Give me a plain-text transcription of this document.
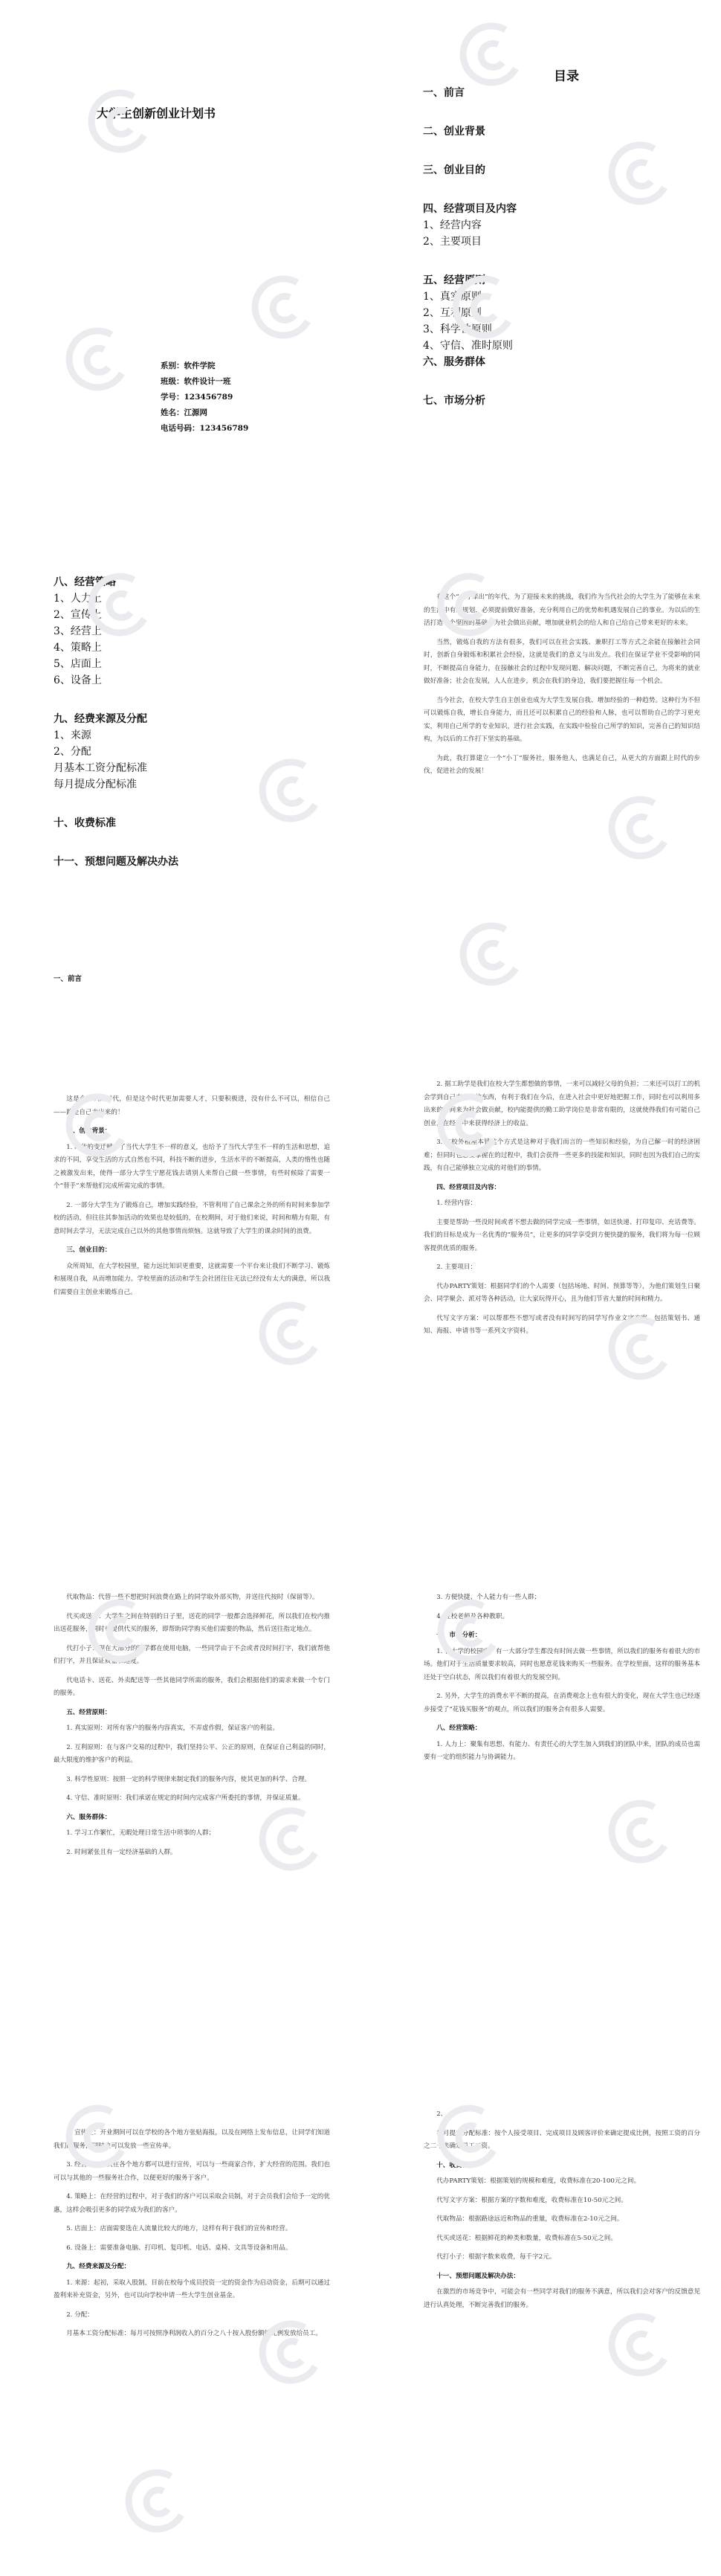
大学生创新创业计划书
系别：软件学院
班级：软件设计一班
学号：123456789
姓名：江源网
电话号码：123456789
目录
一、前言
二、创业背景
三、创业目的
四、经营项目及内容
1、经营内容
2、主要项目
五、经营原则
1、真实原则
2、互利原则
3、科学性原则
4、守信、准时原则
六、服务群体
七、市场分析
八、经营策略
1、人力上
2、宣传上
3、经营上
4、策略上
5、店面上
6、设备上
九、经费来源及分配
1、来源
2、分配
月基本工资分配标准
每月提成分配标准
十、收费标准
十一、预想问题及解决办法
一、前言

在这个“人才辈出”的年代，为了迎接未来的挑战，我们作为当代社会的大学生为了能够在未来的生活中有所规划，必须提前做好准备，充分利用自己的优势和机遇发展自己的事业。为以后的生活打造一个坚固的基础，为社会做出贡献，增加就业机会的给人和自己给自己带来更好的未来。

当然，锻炼自我的方法有很多，我们可以在社会实践、兼职打工等方式之余能在接触社会同时，创新自身锻炼和积累社会经验，这就是我们的意义与出发点。我们在保证学业不受影响的同时，不断提高自身能力，在接触社会的过程中发现问题、解决问题，不断完善自己，为将来的就业做好准备；社会在发展，人人在进步，机会在我们的身边，我们要把握住每一个机会。

当今社会，在校大学生自主创业也成为大学生发展自我、增加经验的一种趋势。这种行为不但可以锻炼自我，增长自身能力，而且还可以积累自己的经验和人脉，也可以帮助自己的学习更充实，利用自己所学的专业知识，进行社会实践，在实践中检验自己所学的知识，完善自己的知识结构，为以后的工作打下坚实的基础。

为此，我打算建立一个“小丁”服务社，服务他人，也满足自己，从更大的方面跟上时代的步伐，促进社会的发展！

这是个知识的时代，但是这个时代更加需要人才，只要积极进，没有什么不可以，相信自己——路是自己走出来的！

二、创业背景：

1. 时代的变迁赋予了当代大学生不一样的意义，也给予了当代大学生不一样的生活和思想，追求的不同，享受生活的方式自然也不同，科技不断的进步，生活水平的不断提高，人类的惰性也随之被激发出来，使得一部分大学生宁愿花钱去请别人来帮自己做一些事情，有些时候除了需要一个“替手”来帮他们完成所需完成的事情。

2. 一部分大学生为了锻炼自己，增加实践经验，不管利用了自己课余之外的所有时间来参加学校的活动，但往往其参加活动的效果也是较低的，在校期间，对于他们来说，时间和精力有限，有意时间去学习，无法完成自己以外的其他事情而烦恼。这就导致了大学生的课余时间的浪费。

三、创业目的：

众所周知，在大学校园里，能力远比知识更重要，这就需要一个平台来让我们不断学习、锻炼和展现自我，从而增加能力。学校里面的活动和学生会社团往往无法已经没有太大的满意，所以我们需要自主创业来锻炼自己。

2. 据工助学是我们在校大学生都想做的事情，一来可以减轻父母的负担；二来还可以打工的机会学到自己专业上的东西，有利于我们在今后，在进入社会中更好地把握工作，同时也可以利用多出来的时间来为社会做贡献，校内能提供的勤工助学岗位是非常有限的，这就使得我们有可能自己创业，在经营中来获得经济上的收益。

3. 在校外租屋本钱这个方式是这种对于我们而言的一些知识和经验，为自己解一时的经济困难；但同时也想要掌握在的过程中，我们会获得一些更多的技能和知识，同时也因为我们自己的实践，有自己能够独立完成的对他们的事情。

四、经营项目及内容：

1. 经营内容：

主要是帮助一些没时间或者不想去做的同学完成一些事情，如送快递、打印复印、充话费等。我们的目标是成为一名优秀的“服务员”，让更多的同学享受到方便快捷的服务，我们将为每一位顾客提供优质的服务。

2. 主要项目：

代办PARTY策划：根据同学们的个人需要（包括场地、时间、预算等等），为他们策划生日聚会、同学聚会、派对等各种活动，让大家玩得开心，且为他们节省大量的时间和精力。

代写文字方案：可以帮那些不想写或者没有时间写的同学写作业文字方案，包括策划书、通知、海报、申请书等一系列文字资料。

代取物品：代替一些不想把时间浪费在路上的同学取外部买物，并送往代按时（保留等）。

代买或送花：大学生之间在特别的日子里，送花的同学一般都会选择鲜花，所以我们在校内推出送花服务，同时也提供代买的服务，即帮助同学购买他们需要的物品，然后送往指定地点。

代打小子：现在大部分的同学都在使用电脑，一些同学由于不会或者没时间打字，我们就帮他们打字，并且保证质量和速度。

代电话卡、送花、外卖配送等一些其他同学所需的服务，我们会根据他们的需求来做一个专门的服务。

五、经营原则：

1. 真实原则：对所有客户的服务内容真实，不弄虚作假，保证客户的利益。

2. 互利原则：在与客户交易的过程中，我们坚持公平、公正的原则，在保证自己利益的同时，最大限度的维护客户的利益。

3. 科学性原则：按照一定的科学规律来制定我们的服务内容，使其更加的科学、合理。

4. 守信、准时原则：我们承诺在规定的时间内完成客户所委托的事情，并保证质量。

六、服务群体：

1. 学习工作繁忙，无暇处理日常生活中琐事的人群；

2. 时间紧张且有一定经济基础的人群。

3. 方便快捷、个人能力有一些人群；

4. 在校老师及各种教职。

七、市场分析：

1. 在大学的校园内，有一大部分学生都没有时间去做一些事情，所以我们的服务有着很大的市场。他们对于生活质量要求较高，同时也愿意花钱来购买一些服务。在学校里面，这样的服务基本还处于空白状态，所以我们有着很大的发展空间。

2. 另外，大学生的消费水平不断的提高，在消费观念上也有很大的变化，现在大学生也已经逐步接受了“花钱买服务”的观点，所以我们的服务会有很多人需要。

八、经营策略：

1. 人力上：聚集有思想、有能力、有责任心的大学生加入到我们的团队中来，团队的成员也需要有一定的组织能力与协调能力。

2. 宣传上：开业期间可以在学校的各个地方张贴海报，以及在网络上发布信息，让同学们知道我们的服务，同时也可以发放一些宣传单。

3. 经营上：首次在各个地方都可以进行宣传，可以与一些商家合作，扩大经营的范围。我们也可以与其他的一些服务社合作，以便更好的服务于客户。

4. 策略上：在经营的过程中，对于我们的客户可以采取会员制，对于会员我们会给予一定的优惠，这样会吸引更多的同学成为我们的客户。

5. 店面上：店面需要选在人流量比较大的地方，这样有利于我们的宣传和经营。

6. 设备上：需要准备电脑、打印机、复印机、电话、桌椅、文具等设备和用品。

九、经费来源及分配：

1. 来源：起初，采取入股制，目前在校每个成员投资一定的资金作为启动资金，后期可以通过盈利来补充资金，另外，也可以向学校申请一些大学生创业基金。

2. 分配：

月基本工资分配标准：每月可按照净利润收入的百分之八十按入股份额的比例发放给员工。

2、

每月提成分配标准：按个人接受项目、完成项目及顾客评价来确定提成比例，按照工资的百分之二十来确定员工工资。

十、收费标准：

代办PARTY策划：根据策划的规模和难度，收费标准在20-100元之间。

代写文字方案：根据方案的字数和难度，收费标准在10-50元之间。

代取物品：根据路途远近和物品的重量，收费标准在2-10元之间。

代买或送花：根据鲜花的种类和数量，收费标准在5-50元之间。

代打小子：根据字数来收费，每千字2元。

十一、预想问题及解决办法：

在激烈的市场竞争中，可能会有一些同学对我们的服务不满意，所以我们会对客户的反馈意见进行认真处理，不断完善我们的服务。
